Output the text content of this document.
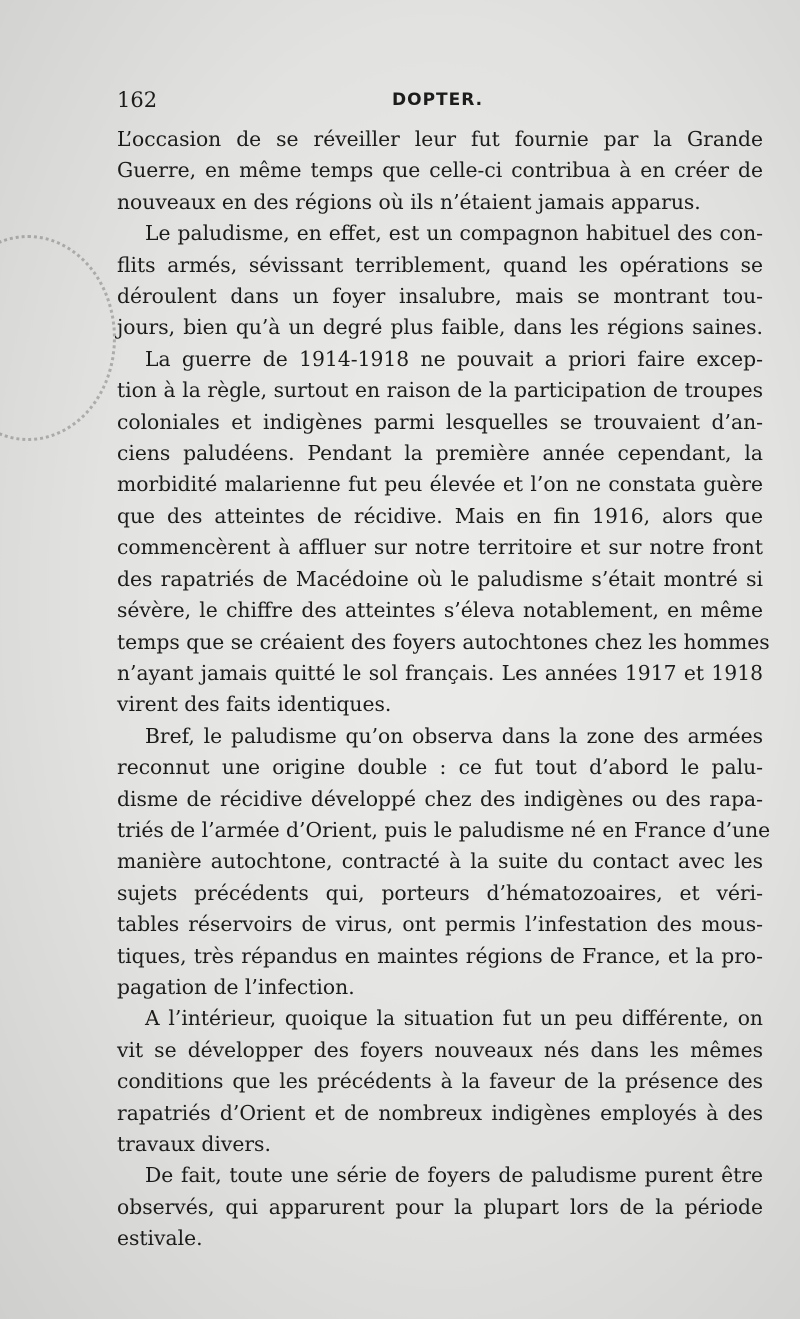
162	DOPTER.
L’occasion de se réveiller leur fut fournie par la Grande
Guerre, en même temps que celle-ci contribua à en créer de
nouveaux en des régions où ils n’étaient jamais apparus.
Le paludisme, en effet, est un compagnon habituel des con-
flits armés, sévissant terriblement, quand les opérations se
déroulent dans un foyer insalubre, mais se montrant tou-
jours, bien qu’à un degré plus faible, dans les régions saines.
La guerre de 1914-1918 ne pouvait a priori faire excep-
tion à la règle, surtout en raison de la participation de troupes
coloniales et indigènes parmi lesquelles se trouvaient d’an-
ciens paludéens. Pendant la première année cependant, la
morbidité malarienne fut peu élevée et l’on ne constata guère
que des atteintes de récidive. Mais en fin 1916, alors que
commencèrent à affluer sur notre territoire et sur notre front
des rapatriés de Macédoine où le paludisme s’était montré si
sévère, le chiffre des atteintes s’éleva notablement, en même
temps que se créaient des foyers autochtones chez les hommes
n’ayant jamais quitté le sol français. Les années 1917 et 1918
virent des faits identiques.
Bref, le paludisme qu’on observa dans la zone des armées
reconnut une origine double : ce fut tout d’abord le palu-
disme de récidive développé chez des indigènes ou des rapa-
triés de l’armée d’Orient, puis le paludisme né en France d’une
manière autochtone, contracté à la suite du contact avec les
sujets précédents qui, porteurs d’hématozoaires, et véri-
tables réservoirs de virus, ont permis l’infestation des mous-
tiques, très répandus en maintes régions de France, et la pro-
pagation de l’infection.
A l’intérieur, quoique la situation fut un peu différente, on
vit se développer des foyers nouveaux nés dans les mêmes
conditions que les précédents à la faveur de la présence des
rapatriés d’Orient et de nombreux indigènes employés à des
travaux divers.
De fait, toute une série de foyers de paludisme purent être
observés, qui apparurent pour la plupart lors de la période
estivale.
